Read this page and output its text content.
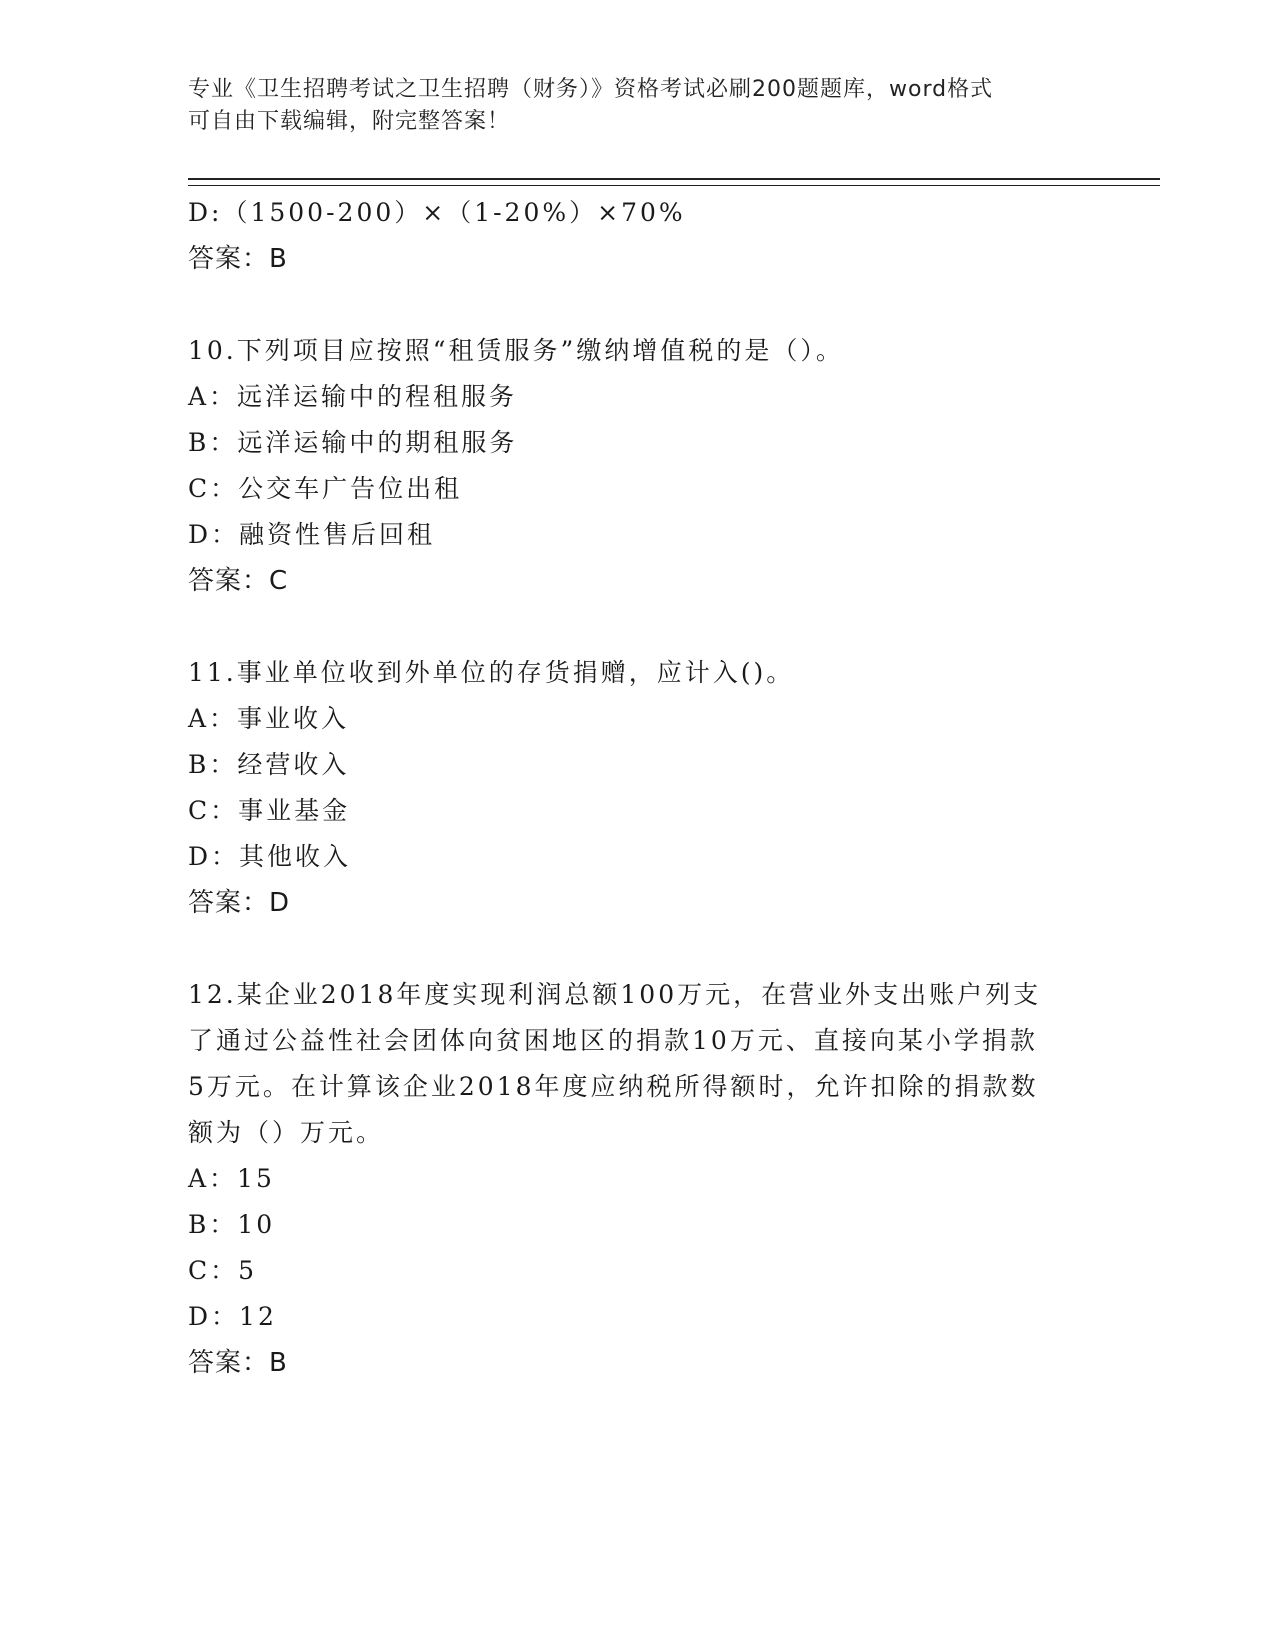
专业《卫生招聘考试之卫生招聘（财务）》资格考试必刷200题题库，word格式
可自由下载编辑，附完整答案！
D:（1500-200）×（1-20%）×70%
答案：B
10.下列项目应按照“租赁服务”缴纳增值税的是（）。
A：远洋运输中的程租服务
B：远洋运输中的期租服务
C：公交车广告位出租
D：融资性售后回租
答案：C
11.事业单位收到外单位的存货捐赠，应计入()。
A：事业收入
B：经营收入
C：事业基金
D：其他收入
答案：D
12.某企业2018年度实现利润总额100万元，在营业外支出账户列支
了通过公益性社会团体向贫困地区的捐款10万元、直接向某小学捐款
5万元。在计算该企业2018年度应纳税所得额时，允许扣除的捐款数
额为（）万元。
A：15
B：10
C：5
D：12
答案：B
